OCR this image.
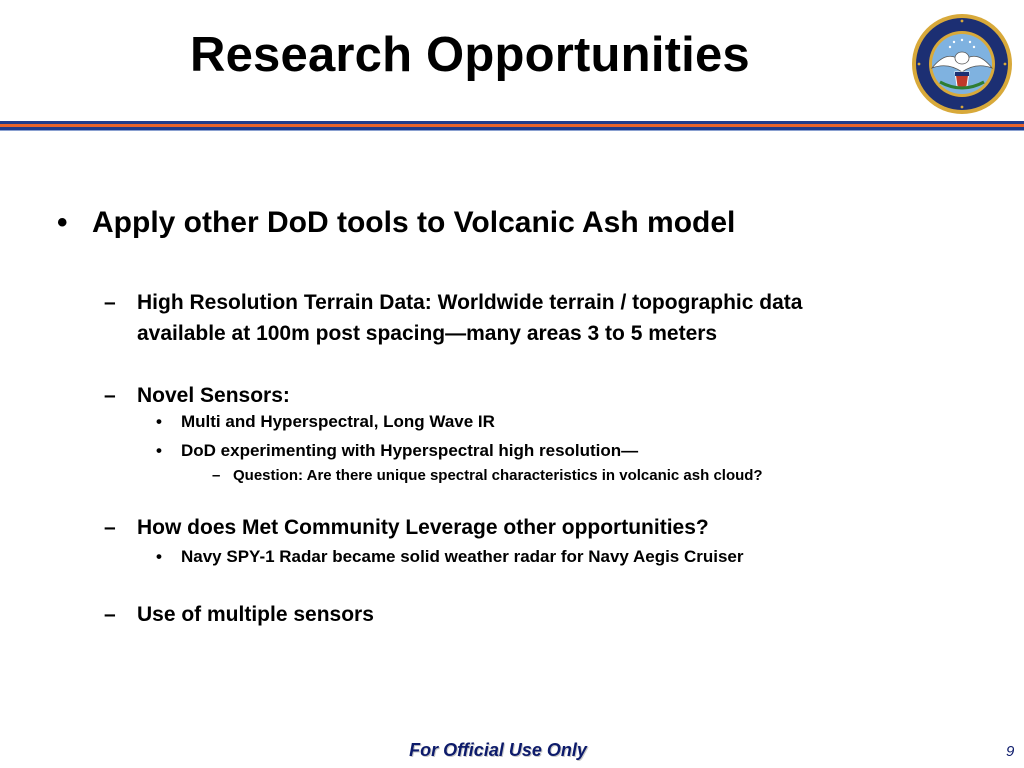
Research Opportunities
• Apply other DoD tools to Volcanic Ash model
– High Resolution Terrain Data: Worldwide terrain / topographic data
available at 100m post spacing—many areas 3 to 5 meters
– Novel Sensors:
• Multi and Hyperspectral, Long Wave IR
• DoD experimenting with Hyperspectral high resolution—
– Question: Are there unique spectral characteristics in volcanic ash cloud?
– How does Met Community Leverage other opportunities?
• Navy SPY-1 Radar became solid weather radar for Navy Aegis Cruiser
– Use of multiple sensors
For Official Use Only	9
